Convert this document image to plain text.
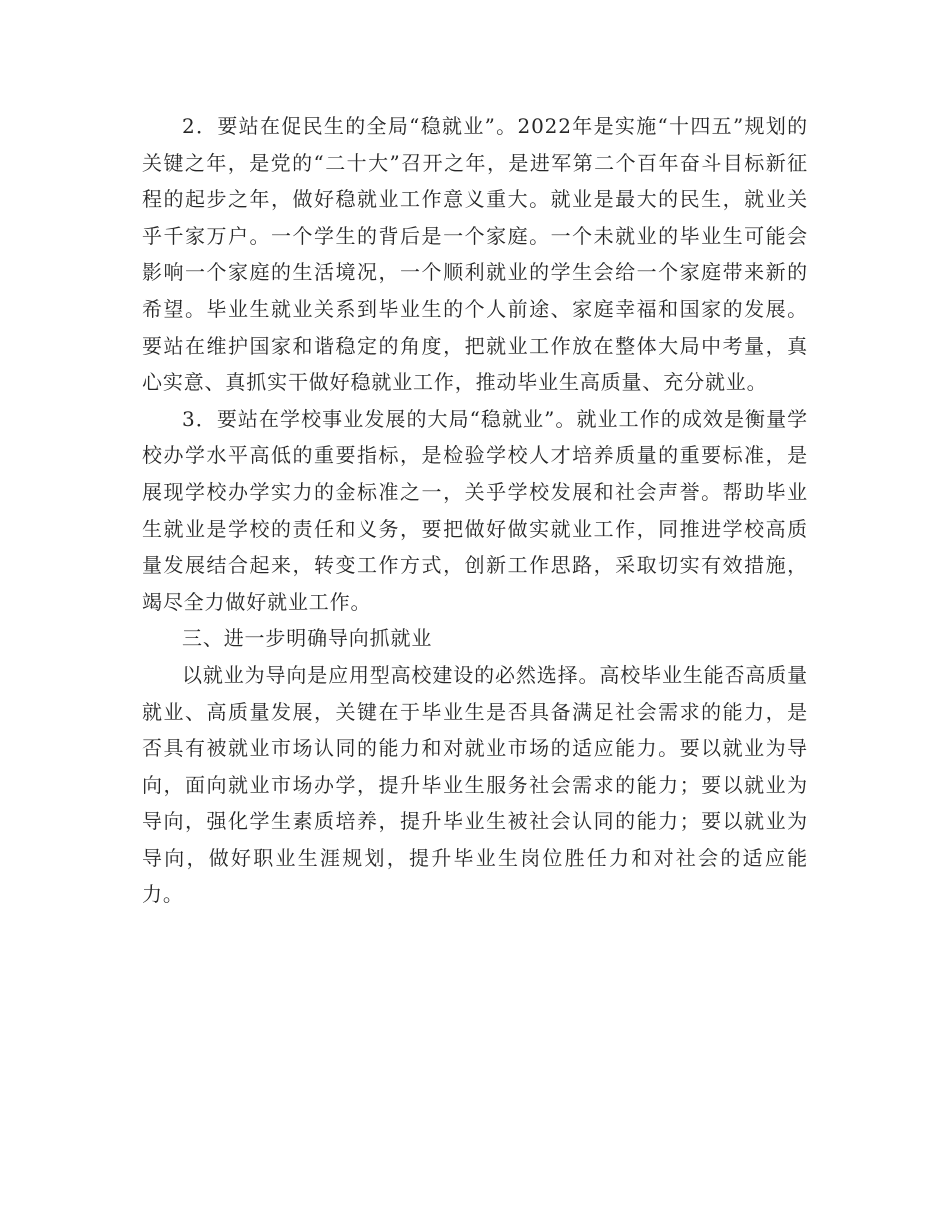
2．要站在促民生的全局“稳就业”。2022年是实施“十四五”规划的关键之年，是党的“二十大”召开之年，是进军第二个百年奋斗目标新征程的起步之年，做好稳就业工作意义重大。就业是最大的民生，就业关乎千家万户。一个学生的背后是一个家庭。一个未就业的毕业生可能会影响一个家庭的生活境况，一个顺利就业的学生会给一个家庭带来新的希望。毕业生就业关系到毕业生的个人前途、家庭幸福和国家的发展。要站在维护国家和谐稳定的角度，把就业工作放在整体大局中考量，真心实意、真抓实干做好稳就业工作，推动毕业生高质量、充分就业。

3．要站在学校事业发展的大局“稳就业”。就业工作的成效是衡量学校办学水平高低的重要指标，是检验学校人才培养质量的重要标准，是展现学校办学实力的金标准之一，关乎学校发展和社会声誉。帮助毕业生就业是学校的责任和义务，要把做好做实就业工作，同推进学校高质量发展结合起来，转变工作方式，创新工作思路，采取切实有效措施，竭尽全力做好就业工作。

三、进一步明确导向抓就业

以就业为导向是应用型高校建设的必然选择。高校毕业生能否高质量就业、高质量发展，关键在于毕业生是否具备满足社会需求的能力，是否具有被就业市场认同的能力和对就业市场的适应能力。要以就业为导向，面向就业市场办学，提升毕业生服务社会需求的能力；要以就业为导向，强化学生素质培养，提升毕业生被社会认同的能力；要以就业为导向，做好职业生涯规划，提升毕业生岗位胜任力和对社会的适应能力。
